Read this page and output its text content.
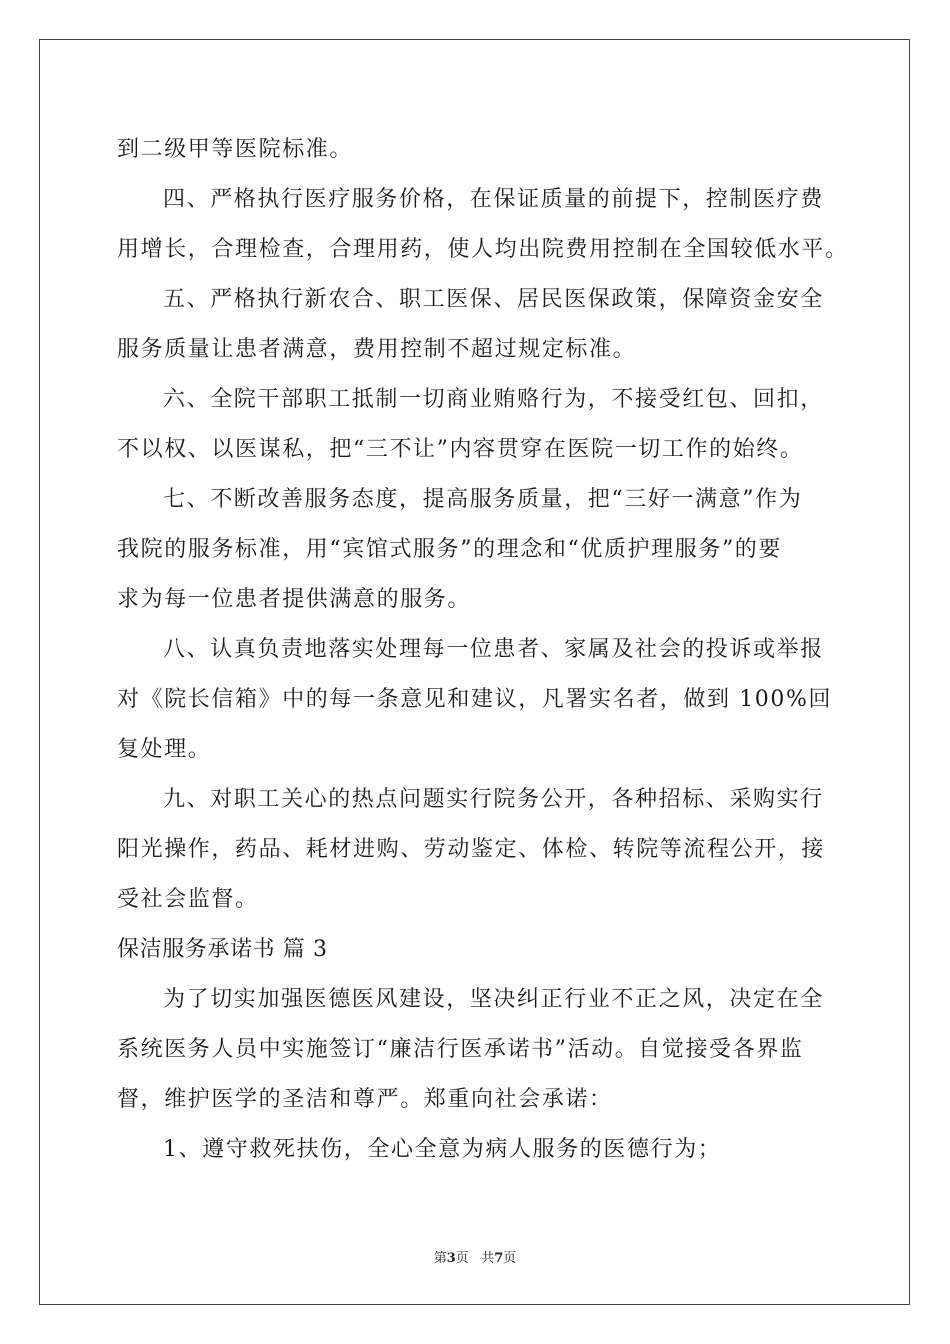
到二级甲等医院标准。
四、严格执行医疗服务价格，在保证质量的前提下，控制医疗费
用增长，合理检查，合理用药，使人均出院费用控制在全国较低水平。
五、严格执行新农合、职工医保、居民医保政策，保障资金安全
服务质量让患者满意，费用控制不超过规定标准。
六、全院干部职工抵制一切商业贿赂行为，不接受红包、回扣，
不以权、以医谋私，把“三不让”内容贯穿在医院一切工作的始终。
七、不断改善服务态度，提高服务质量，把“三好一满意”作为
我院的服务标准，用“宾馆式服务”的理念和“优质护理服务”的要
求为每一位患者提供满意的服务。
八、认真负责地落实处理每一位患者、家属及社会的投诉或举报
对《院长信箱》中的每一条意见和建议，凡署实名者，做到 100%回
复处理。
九、对职工关心的热点问题实行院务公开，各种招标、采购实行
阳光操作，药品、耗材进购、劳动鉴定、体检、转院等流程公开，接
受社会监督。
保洁服务承诺书 篇 3
为了切实加强医德医风建设，坚决纠正行业不正之风，决定在全
系统医务人员中实施签订“廉洁行医承诺书”活动。自觉接受各界监
督，维护医学的圣洁和尊严。郑重向社会承诺：
1、遵守救死扶伤，全心全意为病人服务的医德行为；
第3页   共7页
